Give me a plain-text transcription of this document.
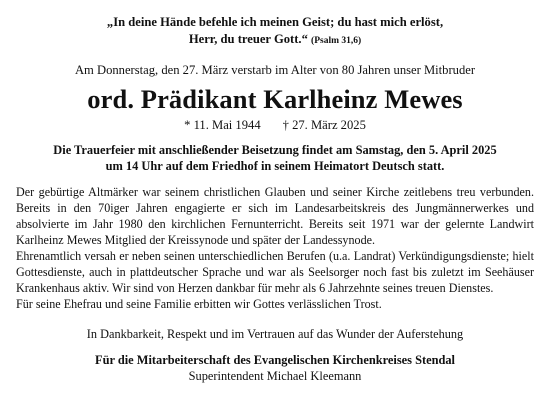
„In deine Hände befehle ich meinen Geist; du hast mich erlöst,
Herr, du treuer Gott.“ (Psalm 31,6)
Am Donnerstag, den 27. März verstarb im Alter von 80 Jahren unser Mitbruder
ord. Prädikant Karlheinz Mewes
* 11. Mai 1944 † 27. März 2025
Die Trauerfeier mit anschließender Beisetzung findet am Samstag, den 5. April 2025
um 14 Uhr auf dem Friedhof in seinem Heimatort Deutsch statt.

Der gebürtige Altmärker war seinem christlichen Glauben und seiner Kirche zeitlebens treu verbunden. Bereits in den 70iger Jahren engagierte er sich im Landesarbeitskreis des Jungmännerwerkes und absolvierte im Jahr 1980 den kirchlichen Fernunterricht. Bereits seit 1971 war der gelernte Landwirt Karlheinz Mewes Mitglied der Kreissynode und später der Landessynode.

Ehrenamtlich versah er neben seinen unterschiedlichen Berufen (u.a. Landrat) Verkündigungsdienste; hielt Gottesdienste, auch in plattdeutscher Sprache und war als Seelsorger noch fast bis zuletzt im Seehäuser Krankenhaus aktiv. Wir sind von Herzen dankbar für mehr als 6 Jahrzehnte seines treuen Dienstes.

Für seine Ehefrau und seine Familie erbitten wir Gottes verlässlichen Trost.

In Dankbarkeit, Respekt und im Vertrauen auf das Wunder der Auferstehung
Für die Mitarbeiterschaft des Evangelischen Kirchenkreises Stendal
Superintendent Michael Kleemann
